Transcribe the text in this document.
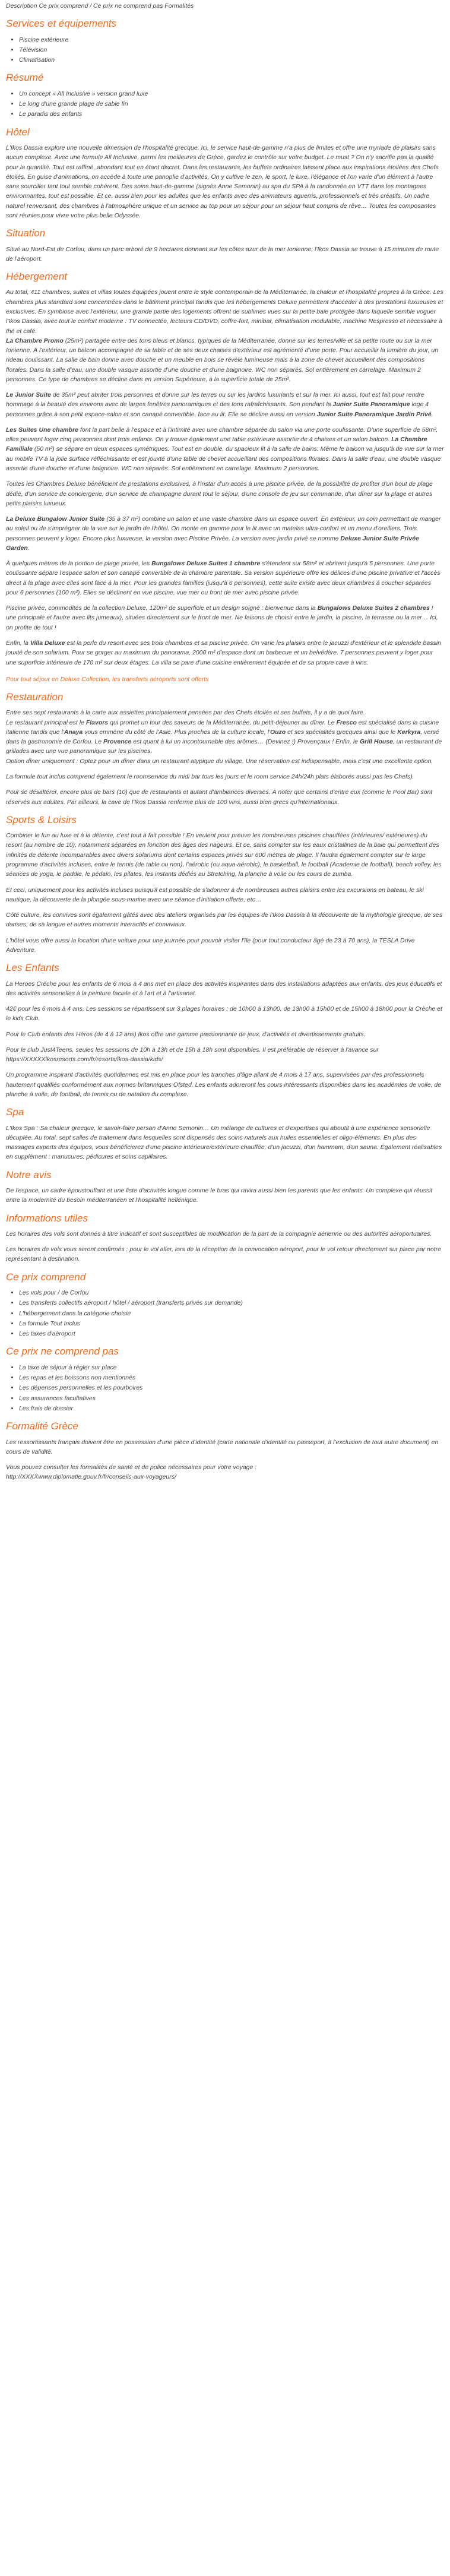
Description Ce prix comprend / Ce prix ne comprend pas Formalités

Services et équipements
• Piscine extérieure
• Télévision
• Climatisation
Résumé
• Un concept « All Inclusive » version grand luxe
• Le long d'une grande plage de sable fin
• Le paradis des enfants
Hôtel

L'Ikos Dassia explore une nouvelle dimension de l'hospitalité grecque. Ici, le service haut-de-gamme n'a plus de limites et offre une myriade de plaisirs sans aucun complexe. Avec une formule All Inclusive, parmi les meilleures de Grèce, gardez le contrôle sur votre budget. Le must ? On n'y sacrifie pas la qualité pour la quantité. Tout est raffiné, abondant tout en étant discret. Dans les restaurants, les buffets ordinaires laissent place aux inspirations étoilées des Chefs étoilés. En guise d'animations, on accède à toute une panoplie d'activités. On y cultive le zen, le sport, le luxe, l'élégance et l'on varie d'un élément à l'autre sans sourciller tant tout semble cohérent. Des soins haut-de-gamme (signés Anne Semonin) au spa du SPA à la randonnée en VTT dans les montagnes environnantes, tout est possible. Et ce, aussi bien pour les adultes que les enfants avec des animateurs aguerris, professionnels et très créatifs. Un cadre naturel renversant, des chambres à l'atmosphère unique et un service au top pour un séjour pour un séjour haut compris de rêve… Toutes les composantes sont réunies pour vivre votre plus belle Odyssée.

Situation

Situé au Nord-Est de Corfou, dans un parc arboré de 9 hectares donnant sur les côtes azur de la mer Ionienne, l'Ikos Dassia se trouve à 15 minutes de route de l'aéroport.

Hébergement

Au total, 411 chambres, suites et villas toutes équipées jouent entre le style contemporain de la Méditerranée, la chaleur et l'hospitalité propres à la Grèce. Les chambres plus standard sont concentrées dans le bâtiment principal tandis que les hébergements Deluxe permettent d'accéder à des prestations luxueuses et exclusives. En symbiose avec l'extérieur, une grande partie des logements offrent de sublimes vues sur la petite baie protégée dans laquelle semble voguer l'Ikos Dassia, avec tout le confort moderne : TV connectée, lecteurs CD/DVD, coffre-fort, minibar, climatisation modulable, machine Nespresso et nécessaire à thé et café.
La Chambre Promo (25m²) partagée entre des tons bleus et blancs, typiques de la Méditerranée, donne sur les terres/ville et sa petite route ou sur la mer Ionienne. À l'extérieur, un balcon accompagné de sa table et de ses deux chaises d'extérieur est agrémenté d'une porte. Pour accueillir la lumière du jour, un rideau coulissant. La salle de bain donne avec douche et un meuble en bois se révèle lumineuse mais à la zone de chevet accueillent des compositions florales. Dans la salle d'eau, une double vasque assortie d'une douche et d'une baignoire. WC non séparés. Sol entièrement en carrelage. Maximum 2 personnes. Ce type de chambres se décline dans en version Supérieure, à la superficie totale de 25m².

Le Junior Suite de 35m² peut abriter trois personnes et donne sur les terres ou sur les jardins luxuriants et sur la mer. Ici aussi, tout est fait pour rendre hommage à la beauté des environs avec de larges fenêtres panoramiques et des tons rafraîchissants. Son pendant la Junior Suite Panoramique loge 4 personnes grâce à son petit espace-salon et son canapé convertible, face au lit. Elle se décline aussi en version Junior Suite Panoramique Jardin Privé.

Les Suites Une chambre font la part belle à l'espace et à l'intimité avec une chambre séparée du salon via une porte coulissante. D'une superficie de 58m², elles peuvent loger cinq personnes dont trois enfants. On y trouve également une table extérieure assortie de 4 chaises et un salon balcon. La Chambre Familiale (50 m²) se sépare en deux espaces symétriques. Tout est en double, du spacieux lit à la salle de bains. Même le balcon va jusqu'à de vue sur la mer au mobile TV à la jolie surface réfléchissante et est jouxté d'une table de chevet accueillant des compositions florales. Dans la salle d'eau, une double vasque assortie d'une douche et d'une baignoire. WC non séparés. Sol entièrement en carrelage. Maximum 2 personnes.

Toutes les Chambres Deluxe bénéficient de prestations exclusives, à l'instar d'un accès à une piscine privée, de la possibilité de profiter d'un bout de plage dédié, d'un service de conciergerie, d'un service de champagne durant tout le séjour, d'une console de jeu sur commande, d'un dîner sur la plage et autres petits plaisirs luxueux.

La Deluxe Bungalow Junior Suite (35 à 37 m²) combine un salon et une vaste chambre dans un espace ouvert. En extérieur, un coin permettant de manger au soleil ou de s'imprégner de la vue sur le jardin de l'hôtel. On monte en gamme pour le lit avec un matelas ultra-confort et un menu d'oreillers. Trois personnes peuvent y loger. Encore plus luxueuse, la version avec Piscine Privée. La version avec jardin privé se nomme Deluxe Junior Suite Privée Garden.

À quelques mètres de la portion de plage privée, les Bungalows Deluxe Suites 1 chambre s'étendent sur 58m² et abritent jusqu'à 5 personnes. Une porte coulissante sépare l'espace salon et son canapé convertible de la chambre parentale. Sa version supérieure offre les délices d'une piscine privative et l'accès direct à la plage avec elles sont face à la mer. Pour les grandes familles (jusqu'à 6 personnes), cette suite existe avec deux chambres à coucher séparées pour 6 personnes (100 m²). Elles se déclinent en vue piscine, vue mer ou front de mer avec piscine privée.

Piscine privée, commodités de la collection Deluxe, 120m² de superficie et un design soigné : bienvenue dans la Bungalows Deluxe Suites 2 chambres ! une principale et l'autre avec lits jumeaux), situées directement sur le front de mer. Ne faisons de choisir entre le jardin, la piscine, la terrasse ou la mer… Ici, on profite de tout !

Enfin, la Villa Deluxe est la perle du resort avec ses trois chambres et sa piscine privée. On varie les plaisirs entre le jacuzzi d'extérieur et le splendide bassin jouxté de son solarium. Pour se gorger au maximum du panorama, 2000 m² d'espace dont un barbecue et un belvédère. 7 personnes peuvent y loger pour une superficie intérieure de 170 m² sur deux étages. La villa se pare d'une cuisine entièrement équipée et de sa propre cave à vins.

Pour tout séjour en Deluxe Collection, les transferts aéroports sont offerts

Restauration

Entre ses sept restaurants à la carte aux assiettes principalement pensées par des Chefs étoilés et ses buffets, il y a de quoi faire.
Le restaurant principal est le Flavors qui promet un tour des saveurs de la Méditerranée, du petit-déjeuner au dîner. Le Fresco est spécialisé dans la cuisine italienne tandis que l'Anaya vous emmène du côté de l'Asie. Plus proches de la culture locale, l'Ouzo et ses spécialités grecques ainsi que le Kerkyra, versé dans la gastronomie de Corfou. Le Provence est quant à lui un incontournable des arômes… (Devinez !) Provençaux ! Enfin, le Grill House, un restaurant de grillades avec une vue panoramique sur les piscines.
Option dîner uniquement : Optez pour un dîner dans un restaurant atypique du village. Une réservation est indispensable, mais c'est une excellente option.

La formule tout inclus comprend également le roomservice du midi bar tous les jours et le room service 24h/24h plats élaborés aussi pas les Chefs).

Pour se désaltérer, encore plus de bars (10) que de restaurants et autant d'ambiances diverses. À noter que certains d'entre eux (comme le Pool Bar) sont réservés aux adultes. Par ailleurs, la cave de l'Ikos Dassia renferme plus de 100 vins, aussi bien grecs qu'internationaux.

Sports & Loisirs

Combiner le fun au luxe et à la détente, c'est tout à fait possible ! En veulent pour preuve les nombreuses piscines chauffées (intérieures/ extérieures) du resort (au nombre de 10), notamment séparées en fonction des âges des nageurs. Et ce, sans compter sur les eaux cristallines de la baie qui permettent des infinités de détente incomparables avec divers solariums dont certains espaces privés sur 600 mètres de plage. Il faudra également compter sur le large programme d'activités incluses, entre le tennis (de table ou non), l'aérobic (ou aqua-aérobic), le basketball, le football (Academie de football), beach volley, les séances de yoga, le paddle, le pédalo, les pilates, les instants dédiés au Stretching, la planche à voile ou les cours de zumba.

Et ceci, uniquement pour les activités incluses puisqu'il est possible de s'adonner à de nombreuses autres plaisirs entre les excursions en bateau, le ski nautique, la découverte de la plongée sous-marine avec une séance d'initiation offerte, etc…

Côté culture, les convives sont également gâtés avec des ateliers organisés par les équipes de l'Ikos Dassia à la découverte de la mythologie grecque, de ses danses, de sa langue et autres moments interactifs et conviviaux.

L'hôtel vous offre aussi la location d'une voiture pour une journée pour pouvoir visiter l'île (pour tout conducteur âgé de 23 à 70 ans), la TESLA Drive Adventure.

Les Enfants

La Heroes Crèche pour les enfants de 6 mois à 4 ans met en place des activités inspirantes dans des installations adaptées aux enfants, des jeux éducatifs et des activités sensorielles à la peinture faciale et à l'art et à l'artisanat.

42€ pour les 6 mois à 4 ans. Les sessions se répartissent sur 3 plages horaires : de 10h00 à 13h00, de 13h00 à 15h00 et de 15h00 à 18h00 pour la Crèche et le kids Club.

Pour le Club enfants des Héros (de 4 à 12 ans) Ikos offre une gamme passionnante de jeux, d'activités et divertissements gratuits.

Pour le club Just4Teens, seules les sessions de 10h à 13h et de 15h à 18h sont disponibles. Il est préférable de réserver à l'avance sur https://XXXXXikosresorts.com/fr/resorts/ikos-dassia/kids/

Un programme inspirant d'activités quotidiennes est mis en place pour les tranches d'âge allant de 4 mois à 17 ans, supervisées par des professionnels hautement qualifiés conformément aux normes britanniques Ofsted. Les enfants adoreront les cours intéressants disponibles dans les académies de voile, de planche à voile, de football, de tennis ou de natation du complexe.

Spa

L'Ikos Spa : Sa chaleur grecque, le savoir-faire persan d'Anne Semonin… Un mélange de cultures et d'expertises qui aboutit à une expérience sensorielle décuplée. Au total, sept salles de traitement dans lesquelles sont dispensés des soins naturels aux huiles essentielles et oligo-éléments. En plus des massages experts des équipes, vous bénéficierez d'une piscine intérieure/extérieure chauffée, d'un jacuzzi, d'un hammam, d'un sauna. Également réalisables en supplément : manucures, pédicures et soins capillaires.

Notre avis

De l'espace, un cadre époustouflant et une liste d'activités longue comme le bras qui ravira aussi bien les parents que les enfants. Un complexe qui réussit entre la modernité du besoin méditerranéen et l'hospitalité hellénique.

Informations utiles

Les horaires des vols sont donnés à titre indicatif et sont susceptibles de modification de la part de la compagnie aérienne ou des autorités aéroportuaires.

Les horaires de vols vous seront confirmés : pour le vol aller, lors de la réception de la convocation aéroport, pour le vol retour directement sur place par notre représentant à destination.

Ce prix comprend
• Les vols pour / de Corfou
• Les transferts collectifs aéroport / hôtel / aéroport (transferts privés sur demande)
• L'hébergement dans la catégorie choisie
• La formule Tout Inclus
• Les taxes d'aéroport
Ce prix ne comprend pas
• La taxe de séjour à régler sur place
• Les repas et les boissons non mentionnés
• Les dépenses personnelles et les pourboires
• Les assurances facultatives
• Les frais de dossier
Formalité Grèce

Les ressortissants français doivent être en possession d'une pièce d'identité (carte nationale d'identité ou passeport, à l'exclusion de tout autre document) en cours de validité.

Vous pouvez consulter les formalités de santé et de police nécessaires pour votre voyage :
http://XXXXwww.diplomatie.gouv.fr/fr/conseils-aux-voyageurs/
